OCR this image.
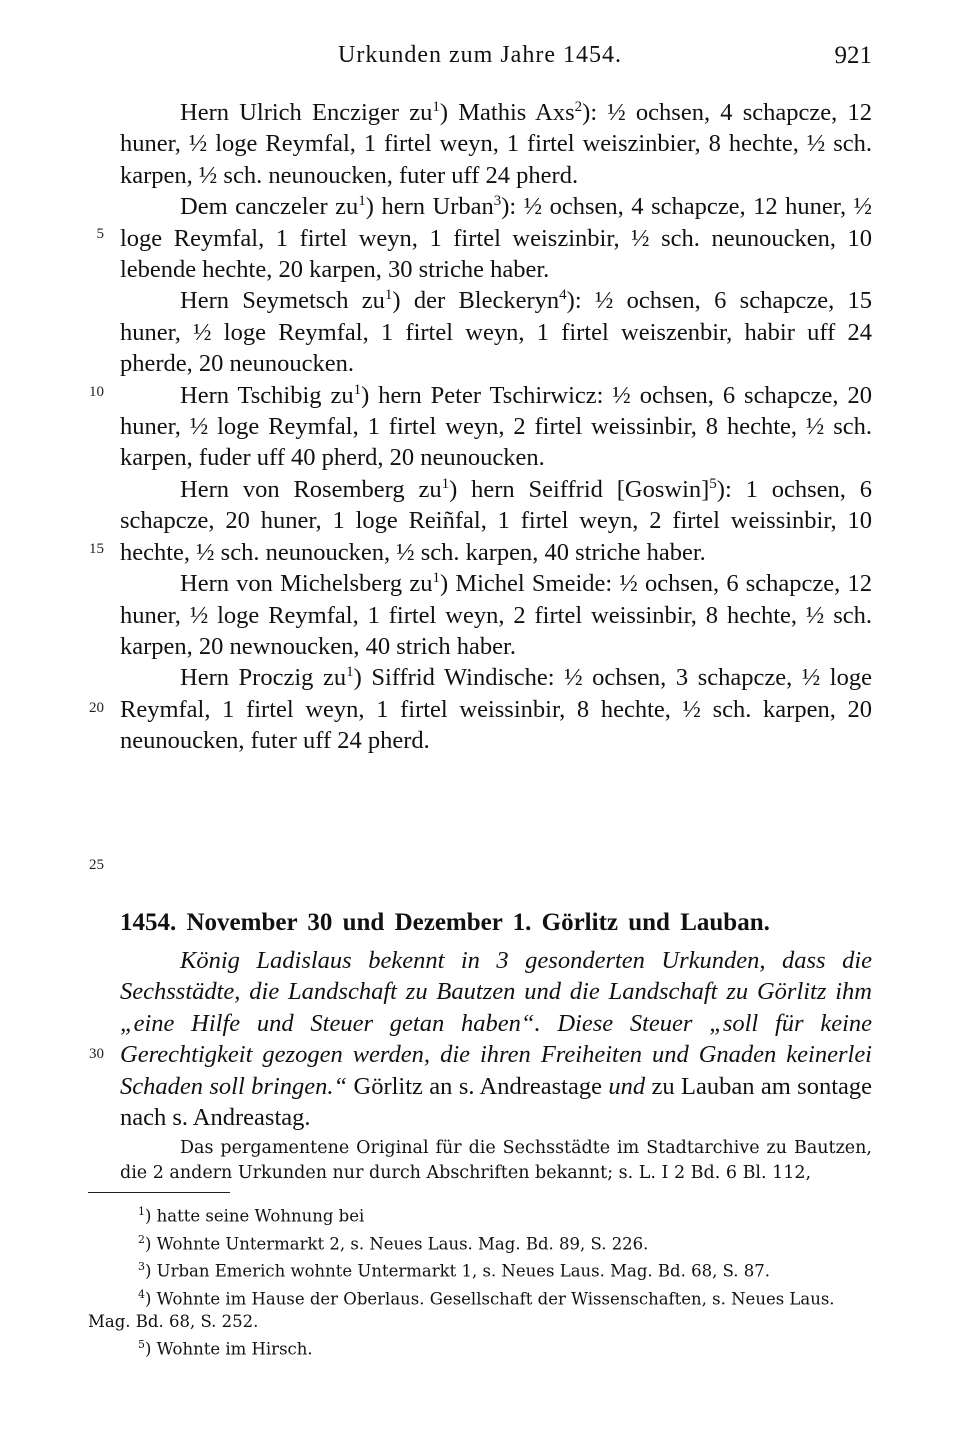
Urkunden zum Jahre 1454.	921
5
10
15
20
25
30

Hern Ulrich Encziger $zu^1$) Mathis Axs$^2$): ½ ochsen, 4 schapcze, 12 huner, ½ loge Reymfal, 1 firtel weyn, 1 firtel weiszinbier, 8 hechte, ½ sch. karpen, ½ sch. neunoucken, futer uff 24 pherd.

Dem canczeler $zu^1$) hern Urban$^3$): ½ ochsen, 4 schapcze, 12 huner, ½ loge Reymfal, 1 firtel weyn, 1 firtel weiszinbir, ½ sch. neunoucken, 10 lebende hechte, 20 karpen, 30 striche haber.

Hern Seymetsch $zu^1$) der Bleckeryn$^4$): ½ ochsen, 6 schapcze, 15 huner, ½ loge Reymfal, 1 firtel weyn, 1 firtel weiszenbir, habir uff 24 pherde, 20 neunoucken.

Hern Tschibig $zu^1$) hern Peter Tschirwicz: ½ ochsen, 6 schapcze, 20 huner, ½ loge Reymfal, 1 firtel weyn, 2 firtel weissinbir, 8 hechte, ½ sch. karpen, fuder uff 40 pherd, 20 neunoucken.

Hern von Rosemberg $zu^1$) hern Seiffrid [Goswin]$^5$): 1 ochsen, 6 schapcze, 20 huner, 1 loge Reiñfal, 1 firtel weyn, 2 firtel weissinbir, 10 hechte, ½ sch. neunoucken, ½ sch. karpen, 40 striche haber.

Hern von Michelsberg $zu^1$) Michel Smeide: ½ ochsen, 6 schapcze, 12 huner, ½ loge Reymfal, 1 firtel weyn, 2 firtel weissinbir, 8 hechte, ½ sch. karpen, 20 newnoucken, 40 strich haber.

Hern Proczig $zu^1$) Siffrid Windische: ½ ochsen, 3 schapcze, ½ loge Reymfal, 1 firtel weyn, 1 firtel weissinbir, 8 hechte, ½ sch. karpen, 20 neunoucken, futer uff 24 pherd.

1454. November 30 und Dezember 1. Görlitz und Lauban.
König Ladislaus bekennt in 3 gesonderten Urkunden, dass die Sechsstädte, die Landschaft zu Bautzen und die Landschaft zu Görlitz ihm „eine Hilfe und Steuer getan haben“. Diese Steuer „soll für keine Gerechtigkeit gezogen werden, die ihren Freiheiten und Gnaden keinerlei Schaden soll bringen.“ Görlitz an s. Andreastage und zu Lauban am sontage nach s. Andreastag.
Das pergamentene Original für die Sechsstädte im Stadtarchive zu Bautzen, die 2 andern Urkunden nur durch Abschriften bekannt; s. L. I 2 Bd. 6 Bl. 112,

$^1$) hatte seine Wohnung bei

$^2$) Wohnte Untermarkt 2, s. Neues Laus. Mag. Bd. 89, S. 226.

$^3$) Urban Emerich wohnte Untermarkt 1, s. Neues Laus. Mag. Bd. 68, S. 87.

$^4$) Wohnte im Hause der Oberlaus. Gesellschaft der Wissenschaften, s. Neues Laus. Mag. Bd. 68, S. 252.

$^5$) Wohnte im Hirsch.
